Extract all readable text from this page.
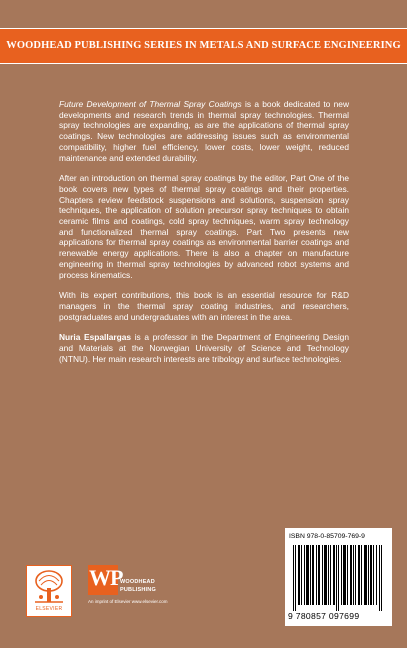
WOODHEAD PUBLISHING SERIES IN METALS AND SURFACE ENGINEERING

Future Development of Thermal Spray Coatings is a book dedicated to new developments and research trends in thermal spray technologies. Thermal spray technologies are expanding, as are the applications of thermal spray coatings. New technologies are addressing issues such as environmental compatibility, higher fuel efficiency, lower costs, lower weight, reduced maintenance and extended durability.

After an introduction on thermal spray coatings by the editor, Part One of the book covers new types of thermal spray coatings and their properties. Chapters review feedstock suspensions and solutions, suspension spray techniques, the application of solution precursor spray techniques to obtain ceramic films and coatings, cold spray techniques, warm spray technology and functionalized thermal spray coatings. Part Two presents new applications for thermal spray coatings as environmental barrier coatings and renewable energy applications. There is also a chapter on manufacture engineering in thermal spray technologies by advanced robot systems and process kinematics.

With its expert contributions, this book is an essential resource for R&D managers in the thermal spray coating industries, and researchers, postgraduates and undergraduates with an interest in the area.

Nuria Espallargas is a professor in the Department of Engineering Design and Materials at the Norwegian University of Science and Technology (NTNU). Her main research interests are tribology and surface technologies.

ELSEVIER
WP
WOODHEAD
PUBLISHING
An imprint of Elsevier www.elsevier.com
ISBN 978-0-85709-769-9
9 780857 097699
